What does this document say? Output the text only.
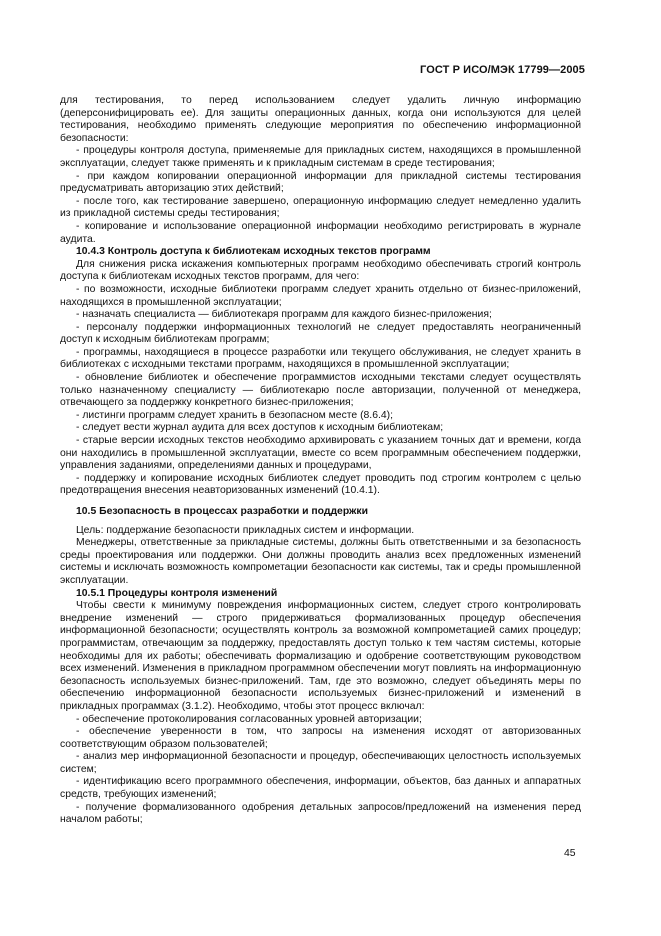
ГОСТ Р ИСО/МЭК 17799—2005

для тестирования, то перед использованием следует удалить личную информацию (деперсонифицировать ее). Для защиты операционных данных, когда они используются для целей тестирования, необходимо применять следующие мероприятия по обеспечению информационной безопасности:

- процедуры контроля доступа, применяемые для прикладных систем, находящихся в промышленной эксплуатации, следует также применять и к прикладным системам в среде тестирования;

- при каждом копировании операционной информации для прикладной системы тестирования предусматривать авторизацию этих действий;

- после того, как тестирование завершено, операционную информацию следует немедленно удалить из прикладной системы среды тестирования;

- копирование и использование операционной информации необходимо регистрировать в журнале аудита.

10.4.3 Контроль доступа к библиотекам исходных текстов программ

Для снижения риска искажения компьютерных программ необходимо обеспечивать строгий контроль доступа к библиотекам исходных текстов программ, для чего:

- по возможности, исходные библиотеки программ следует хранить отдельно от бизнес-приложений, находящихся в промышленной эксплуатации;

- назначать специалиста — библиотекаря программ для каждого бизнес-приложения;

- персоналу поддержки информационных технологий не следует предоставлять неограниченный доступ к исходным библиотекам программ;

- программы, находящиеся в процессе разработки или текущего обслуживания, не следует хранить в библиотеках с исходными текстами программ, находящихся в промышленной эксплуатации;

- обновление библиотек и обеспечение программистов исходными текстами следует осуществлять только назначенному специалисту — библиотекарю после авторизации, полученной от менеджера, отвечающего за поддержку конкретного бизнес-приложения;

- листинги программ следует хранить в безопасном месте (8.6.4);

- следует вести журнал аудита для всех доступов к исходным библиотекам;

- старые версии исходных текстов необходимо архивировать с указанием точных дат и времени, когда они находились в промышленной эксплуатации, вместе со всем программным обеспечением поддержки, управления заданиями, определениями данных и процедурами,

- поддержку и копирование исходных библиотек следует проводить под строгим контролем с целью предотвращения внесения неавторизованных изменений (10.4.1).

10.5 Безопасность в процессах разработки и поддержки

Цель: поддержание безопасности прикладных систем и информации.

Менеджеры, ответственные за прикладные системы, должны быть ответственными и за безопасность среды проектирования или поддержки. Они должны проводить анализ всех предложенных изменений системы и исключать возможность компрометации безопасности как системы, так и среды промышленной эксплуатации.

10.5.1 Процедуры контроля изменений

Чтобы свести к минимуму повреждения информационных систем, следует строго контролировать внедрение изменений — строго придерживаться формализованных процедур обеспечения информационной безопасности; осуществлять контроль за возможной компрометацией самих процедур; программистам, отвечающим за поддержку, предоставлять доступ только к тем частям системы, которые необходимы для их работы; обеспечивать формализацию и одобрение соответствующим руководством всех изменений. Изменения в прикладном программном обеспечении могут повлиять на информационную безопасность используемых бизнес-приложений. Там, где это возможно, следует объединять меры по обеспечению информационной безопасности используемых бизнес-приложений и изменений в прикладных программах (3.1.2). Необходимо, чтобы этот процесс включал:

- обеспечение протоколирования согласованных уровней авторизации;

- обеспечение уверенности в том, что запросы на изменения исходят от авторизованных соответствующим образом пользователей;

- анализ мер информационной безопасности и процедур, обеспечивающих целостность используемых систем;

- идентификацию всего программного обеспечения, информации, объектов, баз данных и аппаратных средств, требующих изменений;

- получение формализованного одобрения детальных запросов/предложений на изменения перед началом работы;

45
